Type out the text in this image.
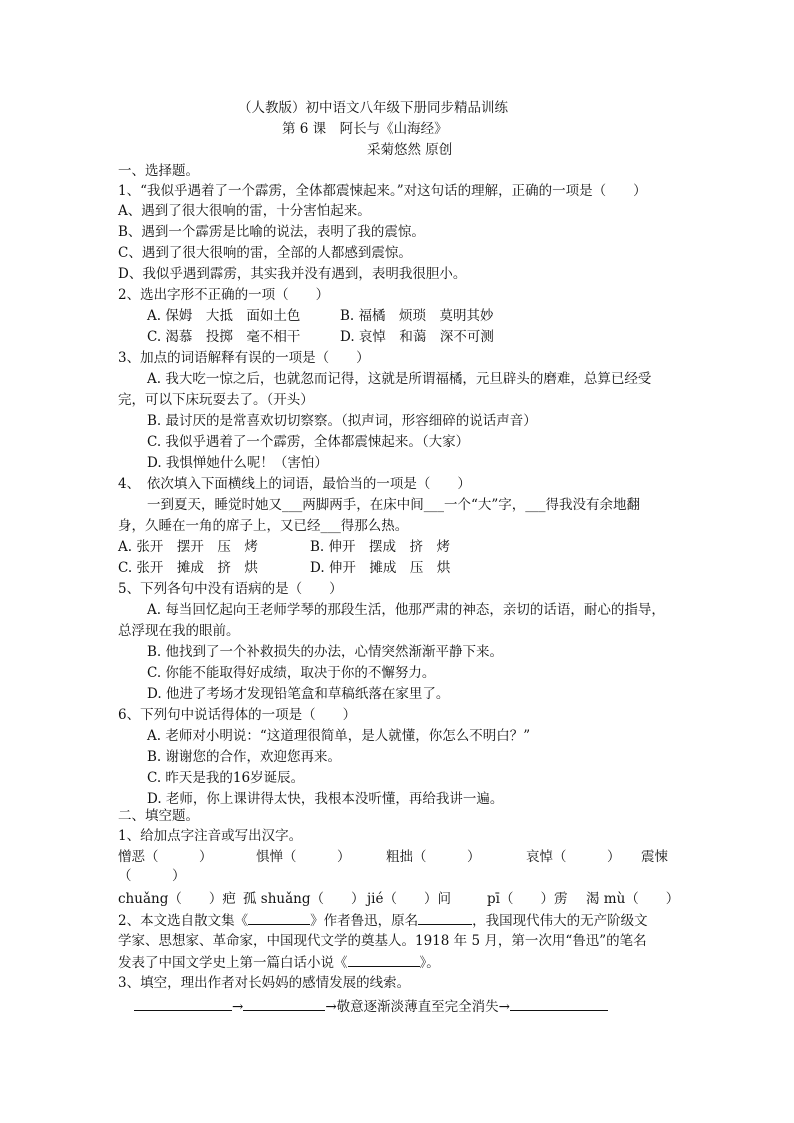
（人教版）初中语文八年级下册同步精品训练
第 6 课　阿长与《山海经》
采菊悠然 原创
一、选择题。
1、“我似乎遇着了一个霹雳，全体都震悚起来。”对这句话的理解，正确的一项是（　　）
A、遇到了很大很响的雷，十分害怕起来。
B、遇到一个霹雳是比喻的说法，表明了我的震惊。
C、遇到了很大很响的雷，全部的人都感到震惊。
D、我似乎遇到霹雳，其实我并没有遇到，表明我很胆小。
2、选出字形不正确的一项（　　）
A. 保姆　大抵　面如土色	B. 福橘　烦琐　莫明其妙
C. 渴慕　投掷　毫不相干	D. 哀悼　和蔼　深不可测
3、加点的词语解释有误的一项是（　　）
A. 我大吃一惊之后，也就忽而记得，这就是所谓福橘，元旦辟头的磨难，总算已经受
完，可以下床玩耍去了。（开头）
B. 最讨厌的是常喜欢切切察察。（拟声词，形容细碎的说话声音）
C. 我似乎遇着了一个霹雳，全体都震悚起来。（大家）
D. 我惧惮她什么呢！（害怕）
4、　依次填入下面横线上的词语，最恰当的一项是（　　）
一到夏天，睡觉时她又___两脚两手，在床中间___一个“大”字，___得我没有余地翻
身，久睡在一角的席子上，又已经___得那么热。
A. 张开　摆开　压　烤	B. 伸开　摆成　挤　烤
C. 张开　摊成　挤　烘	D. 伸开　摊成　压　烘
5、下列各句中没有语病的是（　　）
A. 每当回忆起向王老师学琴的那段生活，他那严肃的神态，亲切的话语，耐心的指导，
总浮现在我的眼前。
B. 他找到了一个补救损失的办法，心情突然渐渐平静下来。
C. 你能不能取得好成绩，取决于你的不懈努力。
D. 他进了考场才发现铅笔盒和草稿纸落在家里了。
6、下列句中说话得体的一项是（　　）
A. 老师对小明说：“这道理很简单，是人就懂，你怎么不明白？”
B. 谢谢您的合作，欢迎您再来。
C. 昨天是我的16岁诞辰。
D. 老师，你上课讲得太快，我根本没听懂，再给我讲一遍。
二、填空题。
1、给加点字注音或写出汉字。
憎恶（　　　）	惧惮（　　　）	粗拙（　　　）	哀悼（　　　） 震悚
（　　　）
chuǎng（　　）疤 孤 shuǎng（　　） jié（　　）问	pī（　　）雳 渴 mù（　　）
2、本文选自散文集《	》作者鲁迅，原名	，我国现代伟大的无产阶级文
学家、思想家、革命家，中国现代文学的奠基人。1918 年 5 月，第一次用“鲁迅”的笔名
发表了中国文学史上第一篇白话小说《	》。
3、填空，理出作者对长妈妈的感情发展的线索。
→	→敬意逐渐淡薄直至完全消失→
